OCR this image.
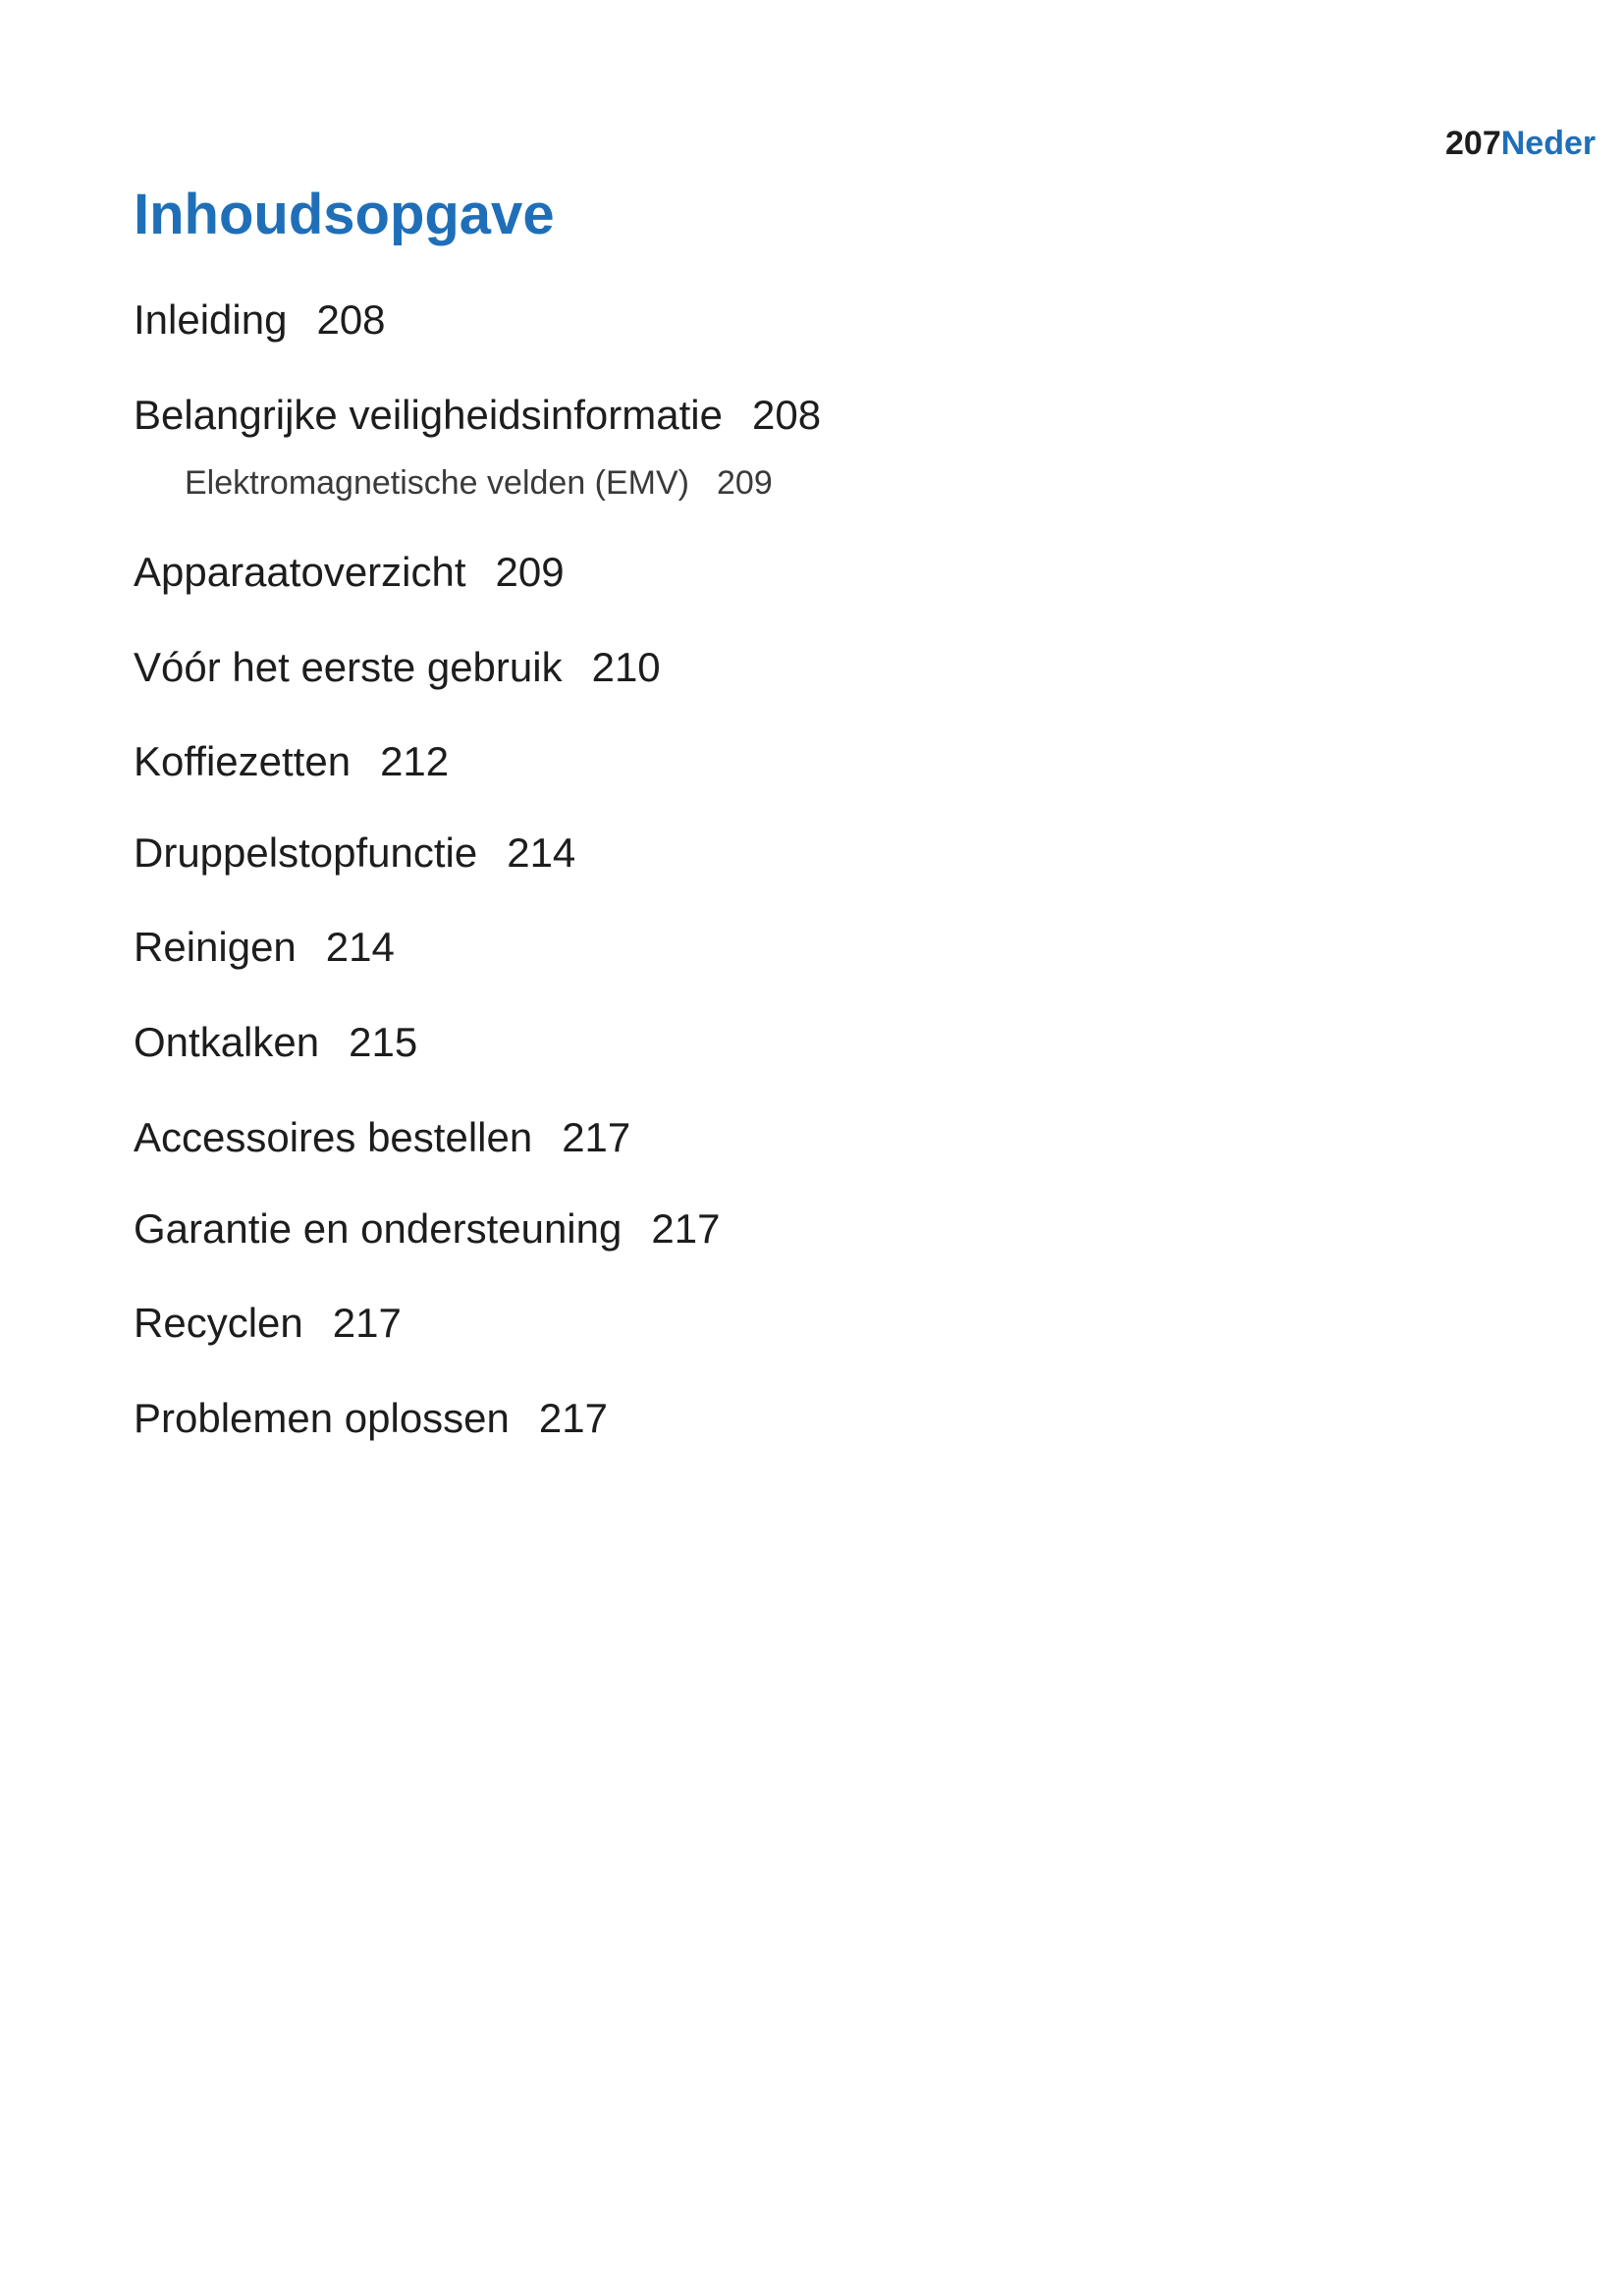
207Neder
Inhoudsopgave
Inleiding 208
Belangrijke veiligheidsinformatie 208
Elektromagnetische velden (EMV) 209
Apparaatoverzicht 209
Vóór het eerste gebruik 210
Koffiezetten 212
Druppelstopfunctie 214
Reinigen 214
Ontkalken 215
Accessoires bestellen 217
Garantie en ondersteuning 217
Recyclen 217
Problemen oplossen 217
